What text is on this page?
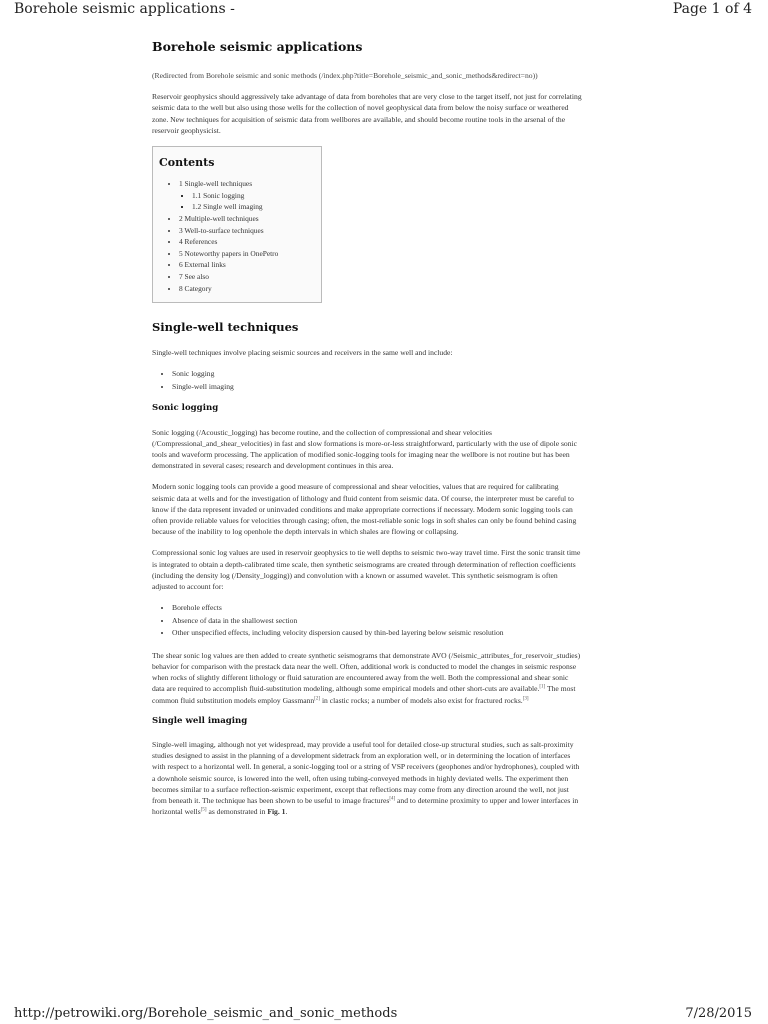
Borehole seismic applications -	Page 1 of 4
Borehole seismic applications

(Redirected from Borehole seismic and sonic methods (/index.php?title=Borehole_seismic_and_sonic_methods&redirect=no))

Reservoir geophysics should aggressively take advantage of data from boreholes that are very close to the target itself, not just for correlating seismic data to the well but also using those wells for the collection of novel geophysical data from below the noisy surface or weathered zone. New techniques for acquisition of seismic data from wellbores are available, and should become routine tools in the arsenal of the reservoir geophysicist.

Contents
• 1 Single-well techniques
▪ 1.1 Sonic logging
▪ 1.2 Single well imaging
• 2 Multiple-well techniques
• 3 Well-to-surface techniques
• 4 References
• 5 Noteworthy papers in OnePetro
• 6 External links
• 7 See also
• 8 Category
Single-well techniques

Single-well techniques involve placing seismic sources and receivers in the same well and include:

• Sonic logging
• Single-well imaging
Sonic logging

Sonic logging (/Acoustic_logging) has become routine, and the collection of compressional and shear velocities (/Compressional_and_shear_velocities) in fast and slow formations is more-or-less straightforward, particularly with the use of dipole sonic tools and waveform processing. The application of modified sonic-logging tools for imaging near the wellbore is not routine but has been demonstrated in several cases; research and development continues in this area.

Modern sonic logging tools can provide a good measure of compressional and shear velocities, values that are required for calibrating seismic data at wells and for the investigation of lithology and fluid content from seismic data. Of course, the interpreter must be careful to know if the data represent invaded or uninvaded conditions and make appropriate corrections if necessary. Modern sonic logging tools can often provide reliable values for velocities through casing; often, the most-reliable sonic logs in soft shales can only be found behind casing because of the inability to log openhole the depth intervals in which shales are flowing or collapsing.

Compressional sonic log values are used in reservoir geophysics to tie well depths to seismic two-way travel time. First the sonic transit time is integrated to obtain a depth-calibrated time scale, then synthetic seismograms are created through determination of reflection coefficients (including the density log (/Density_logging)) and convolution with a known or assumed wavelet. This synthetic seismogram is often adjusted to account for:

• Borehole effects
• Absence of data in the shallowest section
• Other unspecified effects, including velocity dispersion caused by thin-bed layering below seismic resolution

The shear sonic log values are then added to create synthetic seismograms that demonstrate AVO (/Seismic_attributes_for_reservoir_studies) behavior for comparison with the prestack data near the well. Often, additional work is conducted to model the changes in seismic response when rocks of slightly different lithology or fluid saturation are encountered away from the well. Both the compressional and shear sonic data are required to accomplish fluid-substitution modeling, although some empirical models and other short-cuts are available.[1] The most common fluid substitution models employ Gassmann[2] in clastic rocks; a number of models also exist for fractured rocks.[3]

Single well imaging

Single-well imaging, although not yet widespread, may provide a useful tool for detailed close-up structural studies, such as salt-proximity studies designed to assist in the planning of a development sidetrack from an exploration well, or in determining the location of interfaces with respect to a horizontal well. In general, a sonic-logging tool or a string of VSP receivers (geophones and/or hydrophones), coupled with a downhole seismic source, is lowered into the well, often using tubing-conveyed methods in highly deviated wells. The experiment then becomes similar to a surface reflection-seismic experiment, except that reflections may come from any direction around the well, not just from beneath it. The technique has been shown to be useful to image fractures[4] and to determine proximity to upper and lower interfaces in horizontal wells[5] as demonstrated in Fig. 1.

http://petrowiki.org/Borehole_seismic_and_sonic_methods	7/28/2015
